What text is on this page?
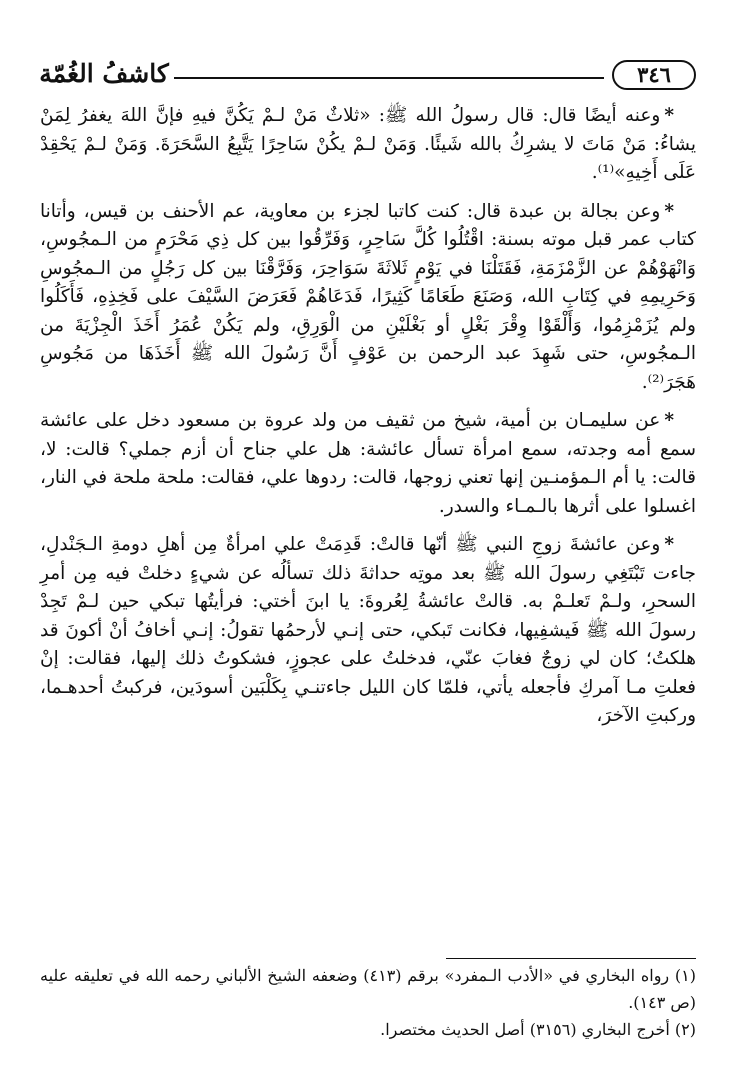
٣٤٦
كاشفُ الغُمّة

*وعنه أيضًا قال: قال رسولُ الله ﷺ: «ثلاثٌ مَنْ لـمْ يَكُنَّ فيهِ فإنَّ اللهَ يغفرُ لِمَنْ يشاءُ: مَنْ مَاتَ لا يشرِكُ بالله شَيئًا. وَمَنْ لـمْ يكُنْ سَاحِرًا يَتَّبِعُ السَّحَرَةَ. وَمَنْ لـمْ يَحْقِدْ عَلَى أَخِيهِ»⁽¹⁾.

*وعن بجالة بن عبدة قال: كنت كاتبا لجزء بن معاوية، عم الأحنف بن قيس، وأتانا كتاب عمر قبل موته بسنة: اقْتُلُوا كُلَّ سَاحِرٍ، وَفَرِّقُوا بين كل ذِي مَحْرَمٍ من الـمجُوسِ، وَانْهَوْهُمْ عن الزَّمْزَمَةِ، فَقَتَلْنَا في يَوْمٍ ثَلاثَةَ سَوَاحِرَ، وَفَرَّقْنَا بين كل رَجُلٍ من الـمجُوسِ وَحَرِيمِهِ في كِتَابِ الله، وَصَنَعَ طَعَامًا كَثِيرًا، فَدَعَاهُمْ فَعَرَضَ السَّيْفَ على فَخِذِهِ، فَأَكَلُوا ولم يُزَمْزِمُوا، وَأَلْقَوْا وِقْرَ بَغْلٍ أو بَغْلَيْنِ من الْوَرِقِ، ولم يَكُنْ عُمَرُ أَخَذَ الْجِزْيَةَ من الـمجُوسِ، حتى شَهِدَ عبد الرحمن بن عَوْفٍ أَنَّ رَسُولَ الله ﷺ أَخَذَهَا من مَجُوسِ هَجَرَ⁽²⁾.

*عن سليمـان بن أمية، شيخ من ثقيف من ولد عروة بن مسعود دخل على عائشة سمع أمه وجدته، سمع امرأة تسأل عائشة: هل علي جناح أن أزم جملي؟ قالت: لا، قالت: يا أم الـمؤمنـين إنها تعني زوجها، قالت: ردوها علي، فقالت: ملحة ملحة في النار، اغسلوا على أثرها بالـمـاء والسدر.

*وعن عائشةَ زوجِ النبي ﷺ أنّها قالتْ: قَدِمَتْ علي امرأةٌ مِن أهلِ دومةِ الـجَنْدلِ، جاءت تَبْتَغِي رسولَ الله ﷺ بعد موتِه حداثةَ ذلك تسألُه عن شيءٍ دخلتْ فيه مِن أمرِ السحرِ، ولـمْ تَعلـمْ به. قالتْ عائشةُ لِعُروةَ: يا ابنَ أختي: فرأيتُها تبكي حين لـمْ تَجِدْ رسولَ الله ﷺ فَيشفِيها، فكانت تَبكي، حتى إنـي لأرحمُها تقولُ: إنـي أخافُ أنْ أكونَ قد هلكتُ؛ كان لي زوجٌ فغابَ عنّي، فدخلتُ على عجوزٍ، فشكوتُ ذلك إليها، فقالت: إنْ فعلتِ مـا آمركِ فأجعله يأتي، فلمّا كان الليل جاءتنـي بِكَلْبَين أسودَين، فركبتُ أحدهـما، وركبتِ الآخرَ،

(١) رواه البخاري في «الأدب الـمفرد» برقم (٤١٣) وضعفه الشيخ الألباني رحمه الله في تعليقه عليه (ص ١٤٣).

(٢) أخرج البخاري (٣١٥٦) أصل الحديث مختصرا.
